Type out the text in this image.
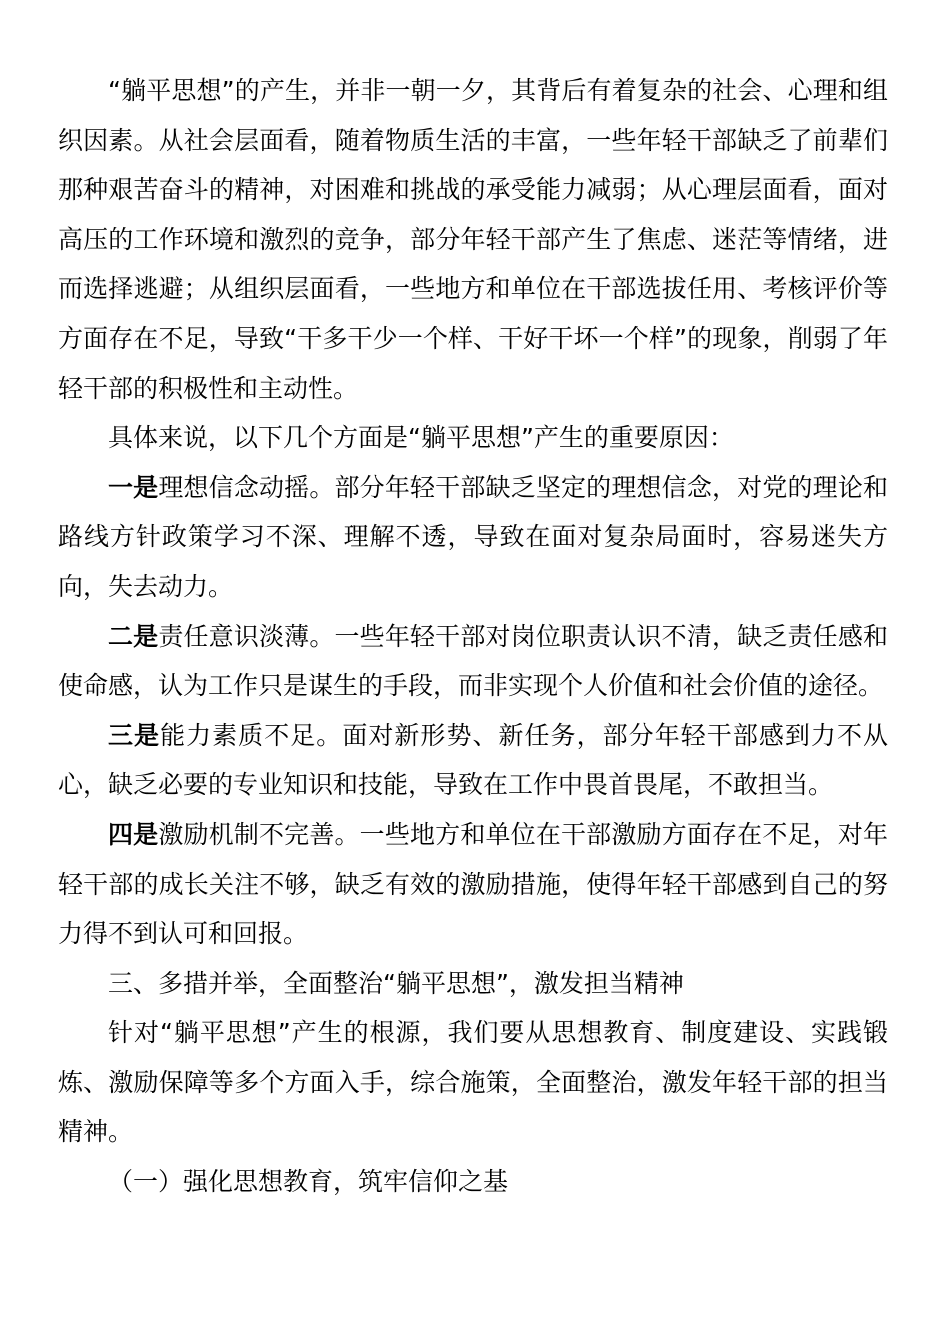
“躺平思想”的产生，并非一朝一夕，其背后有着复杂的社会、心理和组织因素。从社会层面看，随着物质生活的丰富，一些年轻干部缺乏了前辈们那种艰苦奋斗的精神，对困难和挑战的承受能力减弱；从心理层面看，面对高压的工作环境和激烈的竞争，部分年轻干部产生了焦虑、迷茫等情绪，进而选择逃避；从组织层面看，一些地方和单位在干部选拔任用、考核评价等方面存在不足，导致“干多干少一个样、干好干坏一个样”的现象，削弱了年轻干部的积极性和主动性。

具体来说，以下几个方面是“躺平思想”产生的重要原因：

一是理想信念动摇。部分年轻干部缺乏坚定的理想信念，对党的理论和路线方针政策学习不深、理解不透，导致在面对复杂局面时，容易迷失方向，失去动力。

二是责任意识淡薄。一些年轻干部对岗位职责认识不清，缺乏责任感和使命感，认为工作只是谋生的手段，而非实现个人价值和社会价值的途径。

三是能力素质不足。面对新形势、新任务，部分年轻干部感到力不从心，缺乏必要的专业知识和技能，导致在工作中畏首畏尾，不敢担当。

四是激励机制不完善。一些地方和单位在干部激励方面存在不足，对年轻干部的成长关注不够，缺乏有效的激励措施，使得年轻干部感到自己的努力得不到认可和回报。

三、多措并举，全面整治“躺平思想”，激发担当精神

针对“躺平思想”产生的根源，我们要从思想教育、制度建设、实践锻炼、激励保障等多个方面入手，综合施策，全面整治，激发年轻干部的担当精神。

（一）强化思想教育，筑牢信仰之基
